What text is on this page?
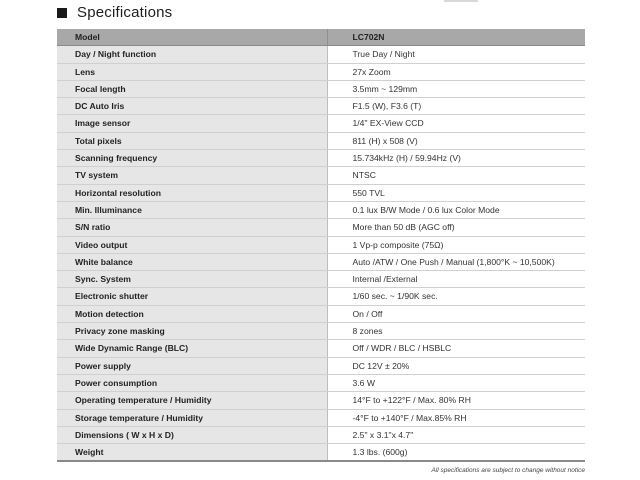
Specifications
Model	LC702N
Day / Night function	True Day / Night
Lens	27x Zoom
Focal length	3.5mm ~ 129mm
DC Auto Iris	F1.5 (W), F3.6 (T)
Image sensor	1/4" EX-View CCD
Total pixels	811 (H) x 508 (V)
Scanning frequency	15.734kHz (H) / 59.94Hz (V)
TV system	NTSC
Horizontal resolution	550 TVL
Min. Illuminance	0.1 lux B/W Mode / 0.6 lux Color Mode
S/N ratio	More than 50 dB (AGC off)
Video output	1 Vp-p composite (75Ω)
White balance	Auto /ATW / One Push / Manual (1,800°K ~ 10,500K)
Sync. System	Internal /External
Electronic shutter	1/60 sec. ~ 1/90K sec.
Motion detection	On / Off
Privacy zone masking	8 zones
Wide Dynamic Range (BLC)	Off / WDR / BLC / HSBLC
Power supply	DC 12V ± 20%
Power consumption	3.6 W
Operating temperature / Humidity	14°F to +122°F / Max. 80% RH
Storage temperature / Humidity	-4°F to +140°F / Max.85% RH
Dimensions ( W x H x D)	2.5" x 3.1"x 4.7"
Weight	1.3 lbs. (600g)
All specifications are subject to change without notice
